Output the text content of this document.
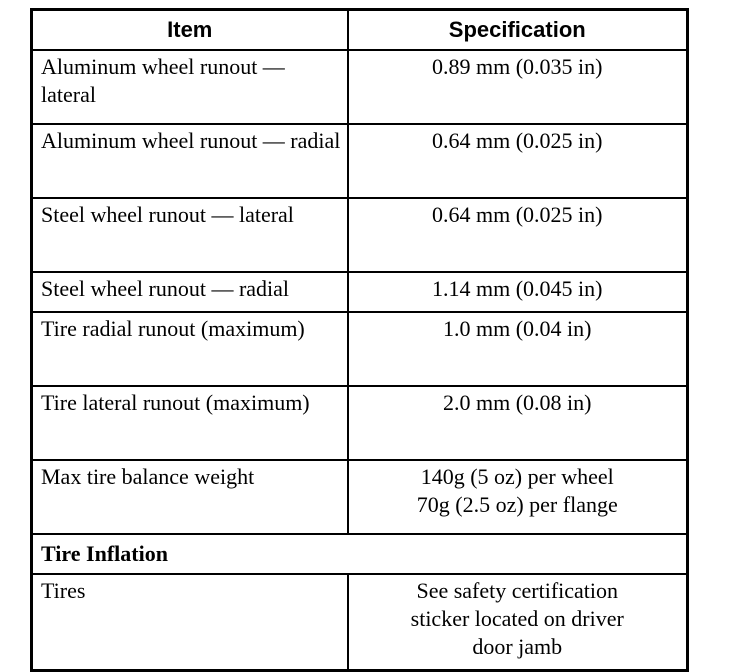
Item	Specification
Aluminum wheel runout — lateral	0.89 mm (0.035 in)

Aluminum wheel runout — radial	0.64 mm (0.025 in)

Steel wheel runout — lateral	0.64 mm (0.025 in)

Steel wheel runout — radial	1.14 mm (0.045 in)

Tire radial runout (maximum)	1.0 mm (0.04 in)

Tire lateral runout (maximum)	2.0 mm (0.08 in)

Max tire balance weight	140g (5 oz) per wheel
70g (2.5 oz) per flange

Tire Inflation	
Tires	See safety certification
sticker located on driver
door jamb
